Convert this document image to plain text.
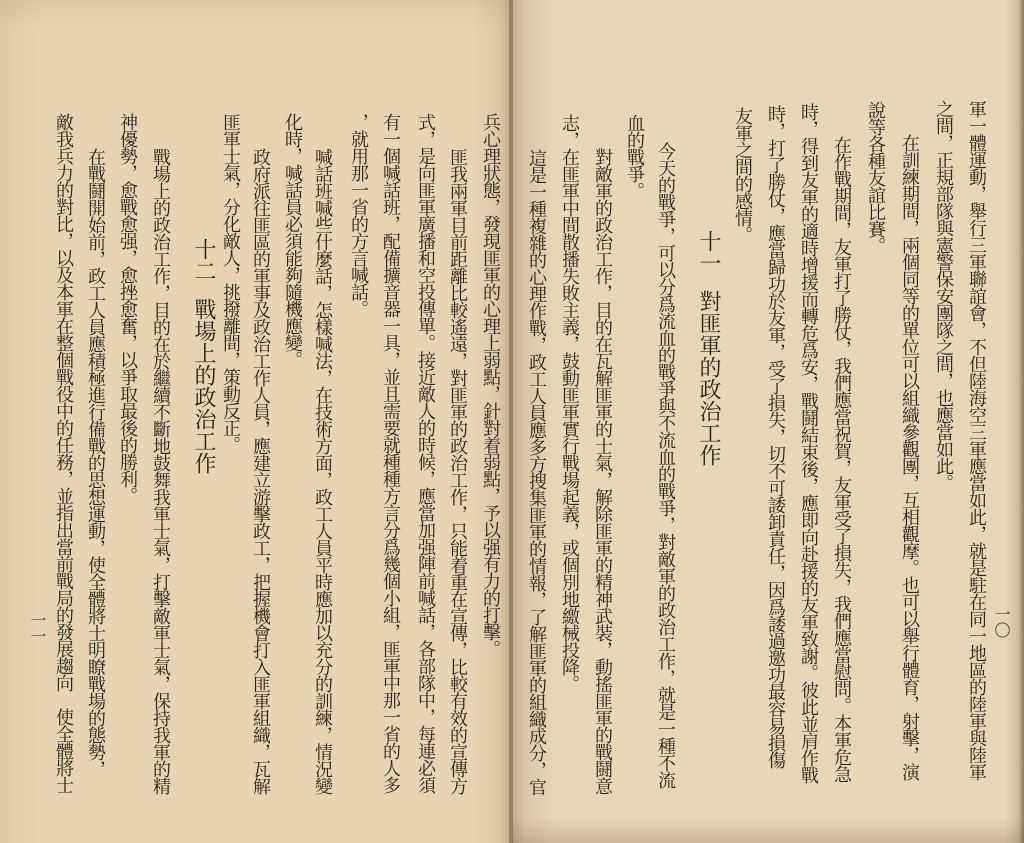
軍一體運動，舉行三軍聯誼會，不但陸海空三軍應當如此，就是駐在同一地區的陸軍與陸軍
之間，正規部隊與憲警保安團隊之間，也應當如此。
在訓練期間，兩個同等的單位可以組織參觀團，互相觀摩。也可以舉行體育，射擊，演
說等各種友誼比賽。
在作戰期間，友軍打了勝仗，我們應當祝賀，友軍受了損失，我們應當慰問。本軍危急
時，得到友軍的適時增援而轉危爲安，戰鬪結束後，應即向赴援的友軍致謝。彼此並肩作戰
時，打了勝仗，應當歸功於友軍，受了損失，切不可諉卸責任，因爲諉過邀功最容易損傷
友軍之間的感情。
十一
對匪軍的政治工作
今天的戰爭，可以分爲流血的戰爭與不流血的戰爭，對敵軍的政治工作，就是一種不流
血的戰爭。
對敵軍的政治工作，目的在瓦解匪軍的士氣，解除匪軍的精神武裝，動搖匪軍的戰鬪意
志，在匪軍中間散播失敗主義，鼓動匪軍實行戰場起義，或個別地繳械投降。
這是一種複雜的心理作戰，政工人員應多方搜集匪軍的情報，了解匪軍的組織成分，官	一〇
兵心理狀態，發現匪軍的心理上弱點，針對着弱點，予以强有力的打擊。
匪我兩軍目前距離比較遙遠，對匪軍的政治工作，只能着重在宣傳，比較有效的宣傳方
式，是向匪軍廣播和空投傳單。接近敵人的時候，應當加强陣前喊話，各部隊中，每連必須
有一個喊話班，配備擴音器一具，並且需要就種種方言分爲幾個小組，匪軍中那一省的人多
，就用那一省的方言喊話。
喊話班喊些什麼話，怎樣喊法，在技術方面，政工人員平時應加以充分的訓練，情況變
化時，喊話員必須能夠隨機應變。
政府派往匪區的軍事及政治工作人員，應建立游擊政工，把握機會打入匪軍組織，瓦解
匪軍士氣，分化敵人，挑撥離間，策動反正。
十二
戰場上的政治工作
戰場上的政治工作，目的在於繼續不斷地鼓舞我軍士氣，打擊敵軍士氣，保持我軍的精
神優勢，愈戰愈强，愈挫愈奮，以爭取最後的勝利。
在戰鬪開始前，政工人員應積極進行備戰的思想運動，使全體將士明瞭戰場的態勢，
敵我兵力的對比，以及本軍在整個戰役中的任務，並指出當前戰局的發展趨向　使全體將士
一一
